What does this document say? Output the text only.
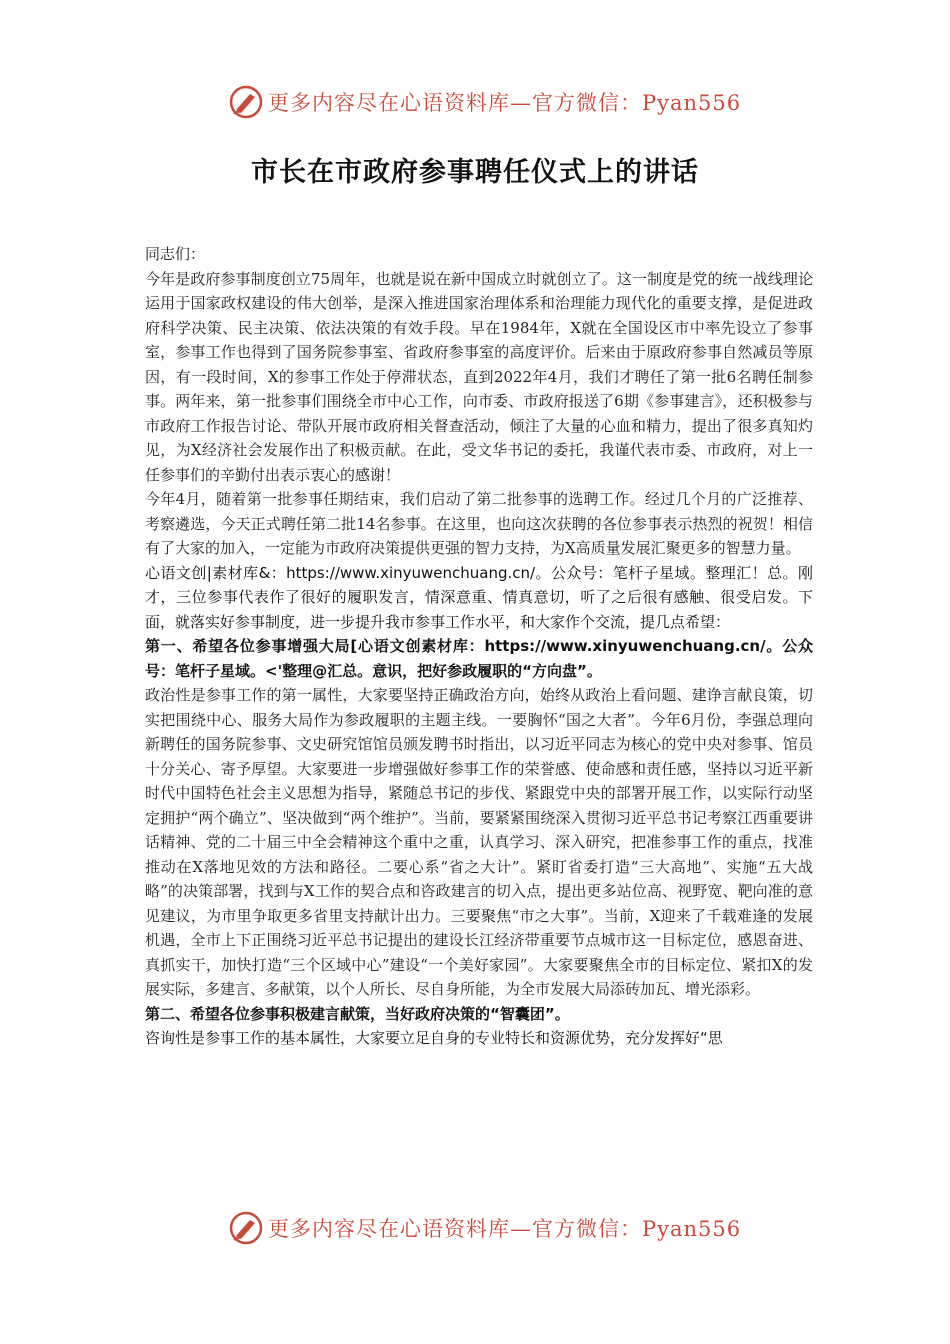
更多内容尽在心语资料库—官方微信：Pyan556
市长在市政府参事聘任仪式上的讲话

同志们：

今年是政府参事制度创立75周年，也就是说在新中国成立时就创立了。这一制度是党的统一战线理论运用于国家政权建设的伟大创举，是深入推进国家治理体系和治理能力现代化的重要支撑，是促进政府科学决策、民主决策、依法决策的有效手段。早在1984年，X就在全国设区市中率先设立了参事室，参事工作也得到了国务院参事室、省政府参事室的高度评价。后来由于原政府参事自然减员等原因，有一段时间，X的参事工作处于停滞状态，直到2022年4月，我们才聘任了第一批6名聘任制参事。两年来，第一批参事们围绕全市中心工作，向市委、市政府报送了6期《参事建言》，还积极参与市政府工作报告讨论、带队开展市政府相关督查活动，倾注了大量的心血和精力，提出了很多真知灼见，为X经济社会发展作出了积极贡献。在此，受文华书记的委托，我谨代表市委、市政府，对上一任参事们的辛勤付出表示衷心的感谢！

今年4月，随着第一批参事任期结束，我们启动了第二批参事的选聘工作。经过几个月的广泛推荐、考察遴选，今天正式聘任第二批14名参事。在这里，也向这次获聘的各位参事表示热烈的祝贺！相信有了大家的加入，一定能为市政府决策提供更强的智力支持，为X高质量发展汇聚更多的智慧力量。

心语文创|素材库&：https://www.xinyuwenchuang.cn/。公众号：笔杆子星域。整理汇！总。刚才，三位参事代表作了很好的履职发言，情深意重、情真意切，听了之后很有感触、很受启发。下面，就落实好参事制度，进一步提升我市参事工作水平，和大家作个交流，提几点希望：

第一、希望各位参事增强大局[心语文创素材库：https://www.xinyuwenchuang.cn/。公众号：笔杆子星域。<'整理@汇总。意识，把好参政履职的“方向盘”。

政治性是参事工作的第一属性，大家要坚持正确政治方向，始终从政治上看问题、建诤言献良策，切实把围绕中心、服务大局作为参政履职的主题主线。一要胸怀“国之大者”。今年6月份，李强总理向新聘任的国务院参事、文史研究馆馆员颁发聘书时指出，以习近平同志为核心的党中央对参事、馆员十分关心、寄予厚望。大家要进一步增强做好参事工作的荣誉感、使命感和责任感，坚持以习近平新时代中国特色社会主义思想为指导，紧随总书记的步伐、紧跟党中央的部署开展工作，以实际行动坚定拥护“两个确立”、坚决做到“两个维护”。当前，要紧紧围绕深入贯彻习近平总书记考察江西重要讲话精神、党的二十届三中全会精神这个重中之重，认真学习、深入研究，把准参事工作的重点，找准推动在X落地见效的方法和路径。二要心系“省之大计”。紧盯省委打造“三大高地”、实施“五大战略”的决策部署，找到与X工作的契合点和咨政建言的切入点，提出更多站位高、视野宽、靶向准的意见建议，为市里争取更多省里支持献计出力。三要聚焦“市之大事”。当前，X迎来了千载难逢的发展机遇，全市上下正围绕习近平总书记提出的建设长江经济带重要节点城市这一目标定位，感恩奋进、真抓实干，加快打造“三个区域中心”建设“一个美好家园”。大家要聚焦全市的目标定位、紧扣X的发展实际，多建言、多献策，以个人所长、尽自身所能，为全市发展大局添砖加瓦、增光添彩。

第二、希望各位参事积极建言献策，当好政府决策的“智囊团”。

咨询性是参事工作的基本属性，大家要立足自身的专业特长和资源优势，充分发挥好“思

更多内容尽在心语资料库—官方微信：Pyan556
